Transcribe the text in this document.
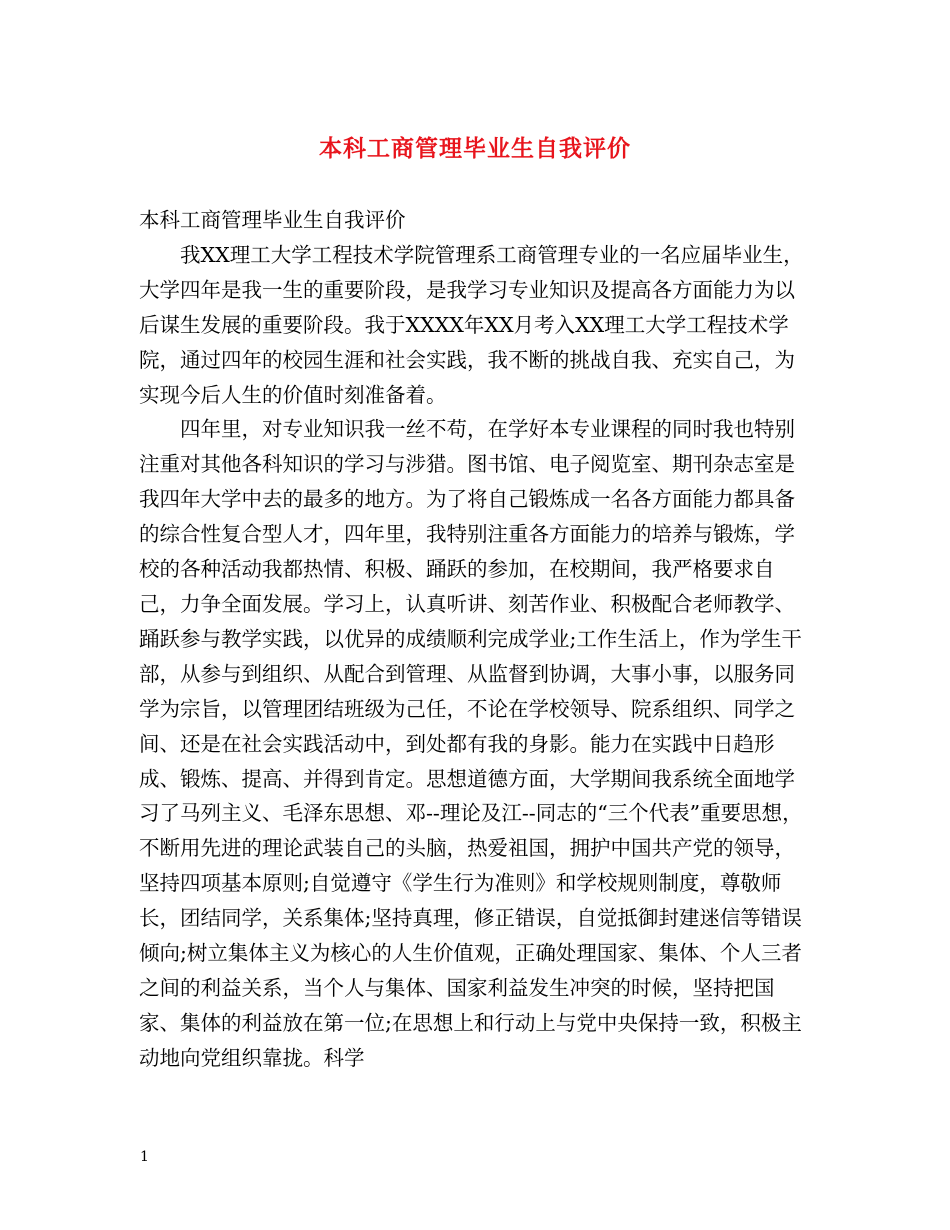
本科工商管理毕业生自我评价

本科工商管理毕业生自我评价

我XX理工大学工程技术学院管理系工商管理专业的一名应届毕业生，大学四年是我一生的重要阶段，是我学习专业知识及提高各方面能力为以后谋生发展的重要阶段。我于XXXX年XX月考入XX理工大学工程技术学院，通过四年的校园生涯和社会实践，我不断的挑战自我、充实自己，为实现今后人生的价值时刻准备着。

四年里，对专业知识我一丝不苟，在学好本专业课程的同时我也特别注重对其他各科知识的学习与涉猎。图书馆、电子阅览室、期刊杂志室是我四年大学中去的最多的地方。为了将自己锻炼成一名各方面能力都具备的综合性复合型人才，四年里，我特别注重各方面能力的培养与锻炼，学校的各种活动我都热情、积极、踊跃的参加，在校期间，我严格要求自己，力争全面发展。学习上，认真听讲、刻苦作业、积极配合老师教学、踊跃参与教学实践，以优异的成绩顺利完成学业;工作生活上，作为学生干部，从参与到组织、从配合到管理、从监督到协调，大事小事，以服务同学为宗旨，以管理团结班级为己任，不论在学校领导、院系组织、同学之间、还是在社会实践活动中，到处都有我的身影。能力在实践中日趋形成、锻炼、提高、并得到肯定。思想道德方面，大学期间我系统全面地学习了马列主义、毛泽东思想、邓--理论及江--同志的“三个代表”重要思想，不断用先进的理论武装自己的头脑，热爱祖国，拥护中国共产党的领导，坚持四项基本原则;自觉遵守《学生行为准则》和学校规则制度，尊敬师长，团结同学，关系集体;坚持真理，修正错误，自觉抵御封建迷信等错误倾向;树立集体主义为核心的人生价值观，正确处理国家、集体、个人三者之间的利益关系，当个人与集体、国家利益发生冲突的时候，坚持把国家、集体的利益放在第一位;在思想上和行动上与党中央保持一致，积极主动地向党组织靠拢。科学

1
